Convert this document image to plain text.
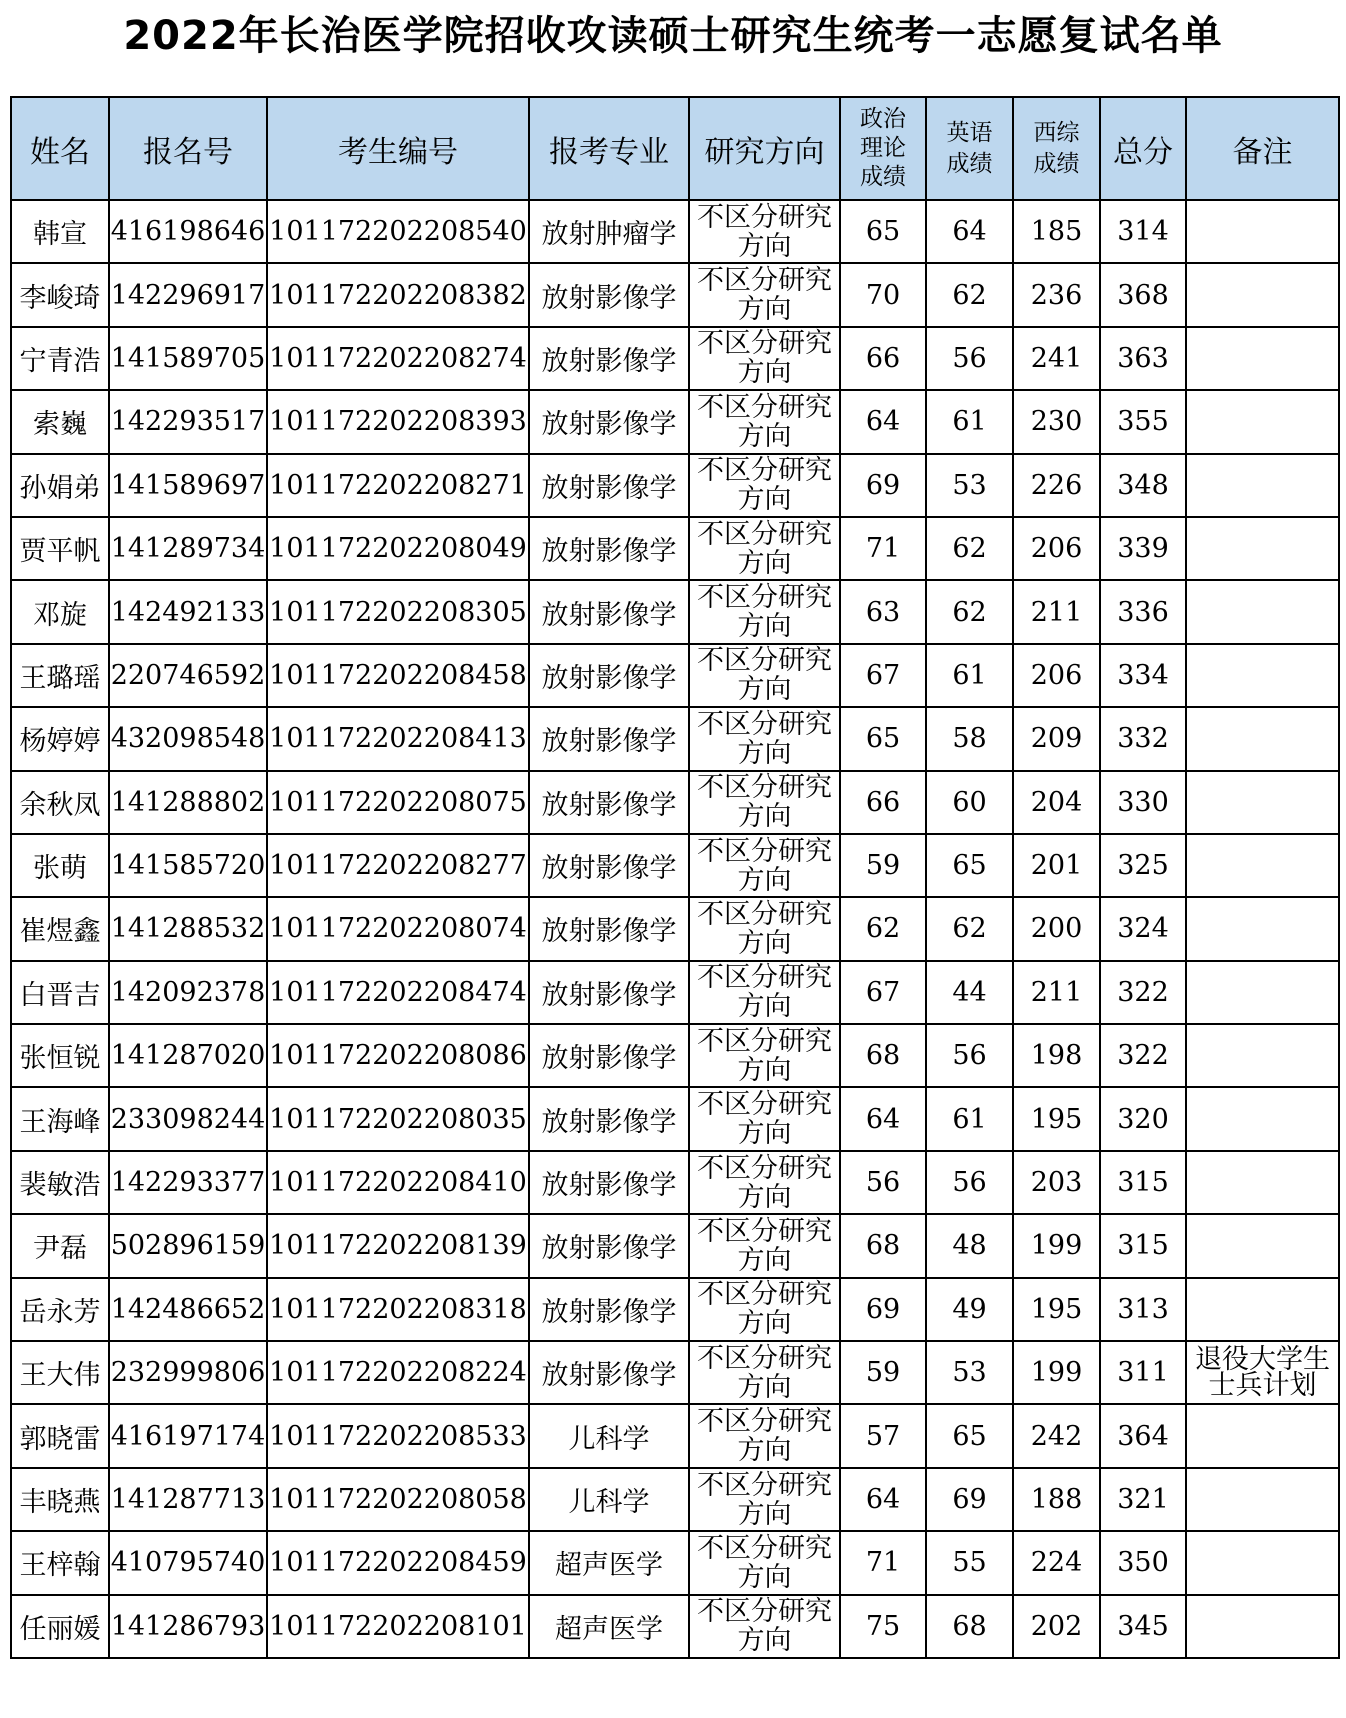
2022年长治医学院招收攻读硕士研究生统考一志愿复试名单
姓名	报名号	考生编号	报考专业	研究方向	政治理论成绩	英语成绩	西综成绩	总分	备注
韩宣	416198646	101172202208540	放射肿瘤学	不区分研究方向	65	64	185	314	
李峻琦	142296917	101172202208382	放射影像学	不区分研究方向	70	62	236	368	
宁青浩	141589705	101172202208274	放射影像学	不区分研究方向	66	56	241	363	
索巍	142293517	101172202208393	放射影像学	不区分研究方向	64	61	230	355	
孙娟弟	141589697	101172202208271	放射影像学	不区分研究方向	69	53	226	348	
贾平帆	141289734	101172202208049	放射影像学	不区分研究方向	71	62	206	339	
邓旋	142492133	101172202208305	放射影像学	不区分研究方向	63	62	211	336	
王璐瑶	220746592	101172202208458	放射影像学	不区分研究方向	67	61	206	334	
杨婷婷	432098548	101172202208413	放射影像学	不区分研究方向	65	58	209	332	
余秋凤	141288802	101172202208075	放射影像学	不区分研究方向	66	60	204	330	
张萌	141585720	101172202208277	放射影像学	不区分研究方向	59	65	201	325	
崔煜鑫	141288532	101172202208074	放射影像学	不区分研究方向	62	62	200	324	
白晋吉	142092378	101172202208474	放射影像学	不区分研究方向	67	44	211	322	
张恒锐	141287020	101172202208086	放射影像学	不区分研究方向	68	56	198	322	
王海峰	233098244	101172202208035	放射影像学	不区分研究方向	64	61	195	320	
裴敏浩	142293377	101172202208410	放射影像学	不区分研究方向	56	56	203	315	
尹磊	502896159	101172202208139	放射影像学	不区分研究方向	68	48	199	315	
岳永芳	142486652	101172202208318	放射影像学	不区分研究方向	69	49	195	313	
王大伟	232999806	101172202208224	放射影像学	不区分研究方向	59	53	199	311	退役大学生士兵计划
郭晓雷	416197174	101172202208533	儿科学	不区分研究方向	57	65	242	364	
丰晓燕	141287713	101172202208058	儿科学	不区分研究方向	64	69	188	321	
王梓翰	410795740	101172202208459	超声医学	不区分研究方向	71	55	224	350	
任丽媛	141286793	101172202208101	超声医学	不区分研究方向	75	68	202	345	
